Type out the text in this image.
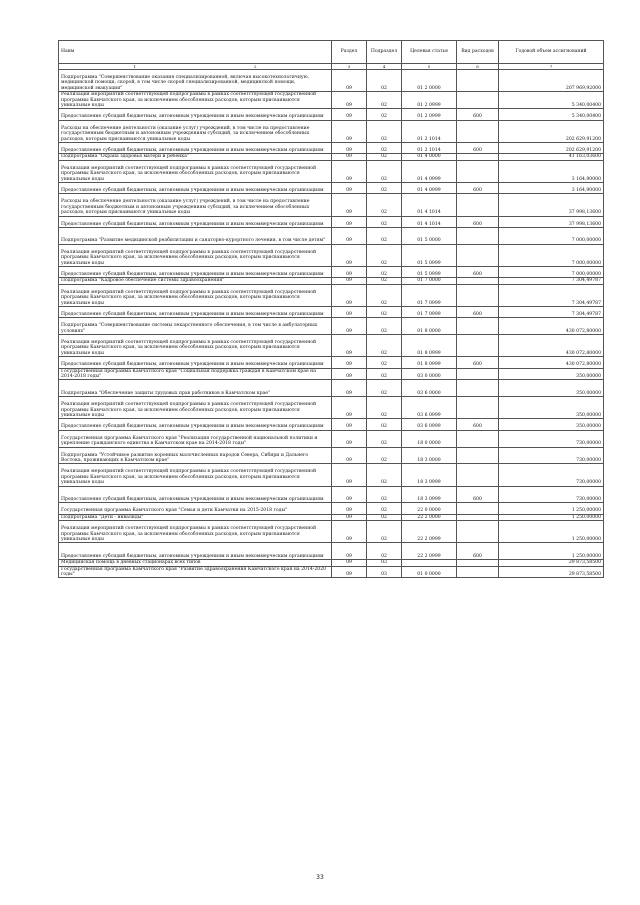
Наим	Раздел	Подраздел	Целевая статья	Вид расходов	Годовой объем ассигнований
1 2	3	4	5	6	7
Подпрограмма "Совершенствование оказания специализированной, включая высокотехнологичную, медицинской помощи, скорой, в том числе скорой специализированной, медицинской помощи, медицинской эвакуации"	09	02	01 2 0000		207 969,92000
Реализация мероприятий соответствующей подпрограммы в рамках соответствующей государственной программы Камчатского края, за исключением обособленных расходов, которым присваиваются уникальные коды	09	02	01 2 0999		5 340,00400
Предоставление субсидий бюджетным, автономным учреждениям и иным некоммерческим организациям	09	02	01 2 0999	600	5 340,00400
Расходы на обеспечение деятельности (оказание услуг) учреждений, в том числе на предоставление государственным бюджетным и автономным учреждениям субсидий, за исключением обособленных расходов, которым присваиваются уникальные коды	09	02	01 2 1014		202 629,91200
Предоставление субсидий бюджетным, автономным учреждениям и иным некоммерческим организациям	09	02	01 2 1014	600	202 629,91200
Подпрограмма "Охрана здоровья матери и ребенка"	09	02	01 4 0000		41 163,03600
Реализация мероприятий соответствующей подпрограммы в рамках соответствующей государственной программы Камчатского края, за исключением обособленных расходов, которым присваиваются уникальные коды	09	02	01 4 0999		3 164,90000
Предоставление субсидий бюджетным, автономным учреждениям и иным некоммерческим организациям	09	02	01 4 0999	600	3 164,90000
Расходы на обеспечение деятельности (оказание услуг) учреждений, в том числе на предоставление государственным бюджетным и автономным учреждениям субсидий, за исключением обособленных расходов, которым присваиваются уникальные коды	09	02	01 4 1014		37 998,13600
Предоставление субсидий бюджетным, автономным учреждениям и иным некоммерческим организациям	09	02	01 4 1014	600	37 998,13600
Подпрограмма "Развитие медицинской реабилитации и санаторно-курортного лечения, в том числе детям"	09	02	01 5 0000		7 000,00000
Реализация мероприятий соответствующей подпрограммы в рамках соответствующей государственной программы Камчатского края, за исключением обособленных расходов, которым присваиваются уникальные коды	09	02	01 5 0999		7 000,00000
Предоставление субсидий бюджетным, автономным учреждениям и иным некоммерческим организациям	09	02	01 5 0999	600	7 000,00000
Подпрограмма "Кадровое обеспечение системы здравоохранения"	09	02	01 7 0000		7 304,49787
Реализация мероприятий соответствующей подпрограммы в рамках соответствующей государственной программы Камчатского края, за исключением обособленных расходов, которым присваиваются уникальные коды	09	02	01 7 0999		7 304,49787
Предоставление субсидий бюджетным, автономным учреждениям и иным некоммерческим организациям	09	02	01 7 0999	600	7 304,49787
Подпрограмма "Совершенствование системы лекарственного обеспечения, в том числе в амбулаторных условиях"	09	02	01 8 0000		430 072,80000
Реализация мероприятий соответствующей подпрограммы в рамках соответствующей государственной программы Камчатского края, за исключением обособленных расходов, которым присваиваются уникальные коды	09	02	01 8 0999		430 072,80000
Предоставление субсидий бюджетным, автономным учреждениям и иным некоммерческим организациям	09	02	01 8 0999	600	430 072,80000
Государственная программа Камчатского края "Социальная поддержка граждан в Камчатском крае на 2014-2018 годы"	09	02	03 0 0000		350,00000
Подпрограмма "Обеспечение защиты трудовых прав работников в Камчатском крае"	09	02	03 6 0000		350,00000
Реализация мероприятий соответствующей подпрограммы в рамках соответствующей государственной программы Камчатского края, за исключением обособленных расходов, которым присваиваются уникальные коды	09	02	03 6 0999		350,00000
Предоставление субсидий бюджетным, автономным учреждениям и иным некоммерческим организациям	09	02	03 6 0999	600	350,00000
Государственная программа Камчатского края "Реализация государственной национальной политики и укрепление гражданского единства в Камчатском крае на 2014-2018 годы"	09	02	18 0 0000		730,00000
Подпрограмма "Устойчивое развитие коренных малочисленных народов Севера, Сибири и Дальнего Востока, проживающих в Камчатском крае"	09	02	18 3 0000		730,00000
Реализация мероприятий соответствующей подпрограммы в рамках соответствующей государственной программы Камчатского края, за исключением обособленных расходов, которым присваиваются уникальные коды	09	02	18 3 0999		730,00000
Предоставление субсидий бюджетным, автономным учреждениям и иным некоммерческим организациям	09	02	18 3 0999	600	730,00000
Государственная программа Камчатского края "Семья и дети Камчатки на 2015-2018 годы"	09	02	22 0 0000		1 250,00000
Подпрограмма "Дети - инвалиды"	09	02	22 2 0000		1 250,00000
Реализация мероприятий соответствующей подпрограммы в рамках соответствующей государственной программы Камчатского края, за исключением обособленных расходов, которым присваиваются уникальные коды	09	02	22 2 0999		1 250,00000
Предоставление субсидий бюджетным, автономным учреждениям и иным некоммерческим организациям	09	02	22 2 0999	600	1 250,00000
Медицинская помощь в дневных стационарах всех типов	09	03			29 873,58500
Государственная программа Камчатского края "Развитие здравоохранения Камчатского края на 2014-2020 годы"	09	03	01 0 0000		29 873,58500
33
